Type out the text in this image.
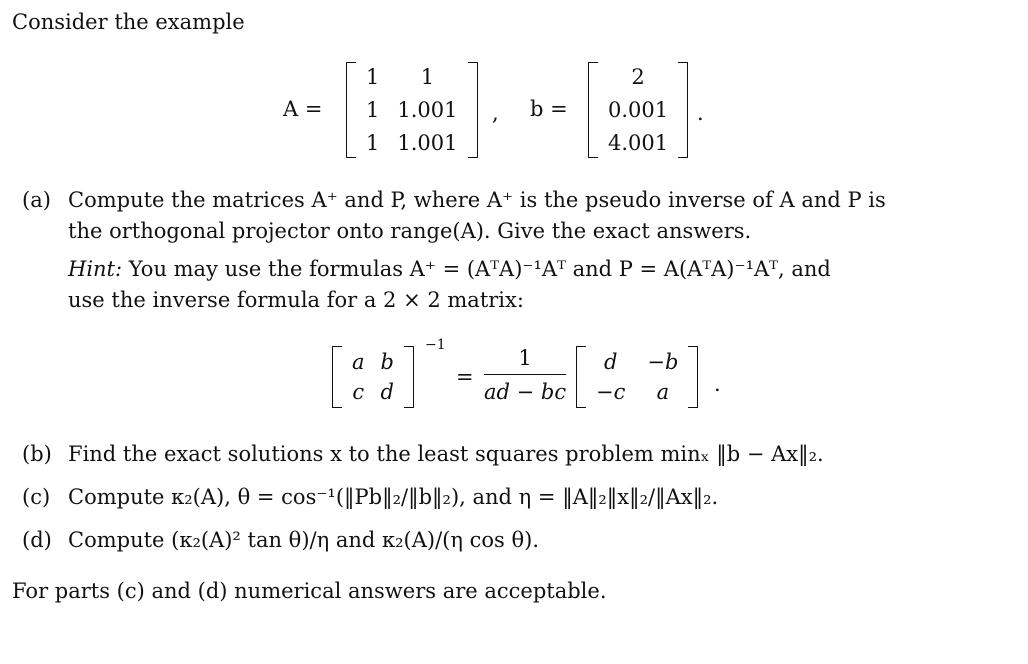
Consider the example
A =
1	1
1 1.001
1 1.001
, b =
2
0.001
4.001
.
(a) Compute the matrices A⁺ and P, where A⁺ is the pseudo inverse of A and P is
the orthogonal projector onto range(A). Give the exact answers.
Hint: You may use the formulas A⁺ = (AᵀA)⁻¹Aᵀ and P = A(AᵀA)⁻¹Aᵀ, and
use the inverse formula for a 2 × 2 matrix:
a b
c d
−1
= $\frac{1}{ad - bc}$	d	−b
−c	a	.
(b) Find the exact solutions x to the least squares problem minₓ ‖b − Ax‖₂.
(c) Compute κ₂(A), θ = cos⁻¹(‖Pb‖₂/‖b‖₂), and η = ‖A‖₂‖x‖₂/‖Ax‖₂.
(d) Compute (κ₂(A)² tan θ)/η and κ₂(A)/(η cos θ).
For parts (c) and (d) numerical answers are acceptable.
